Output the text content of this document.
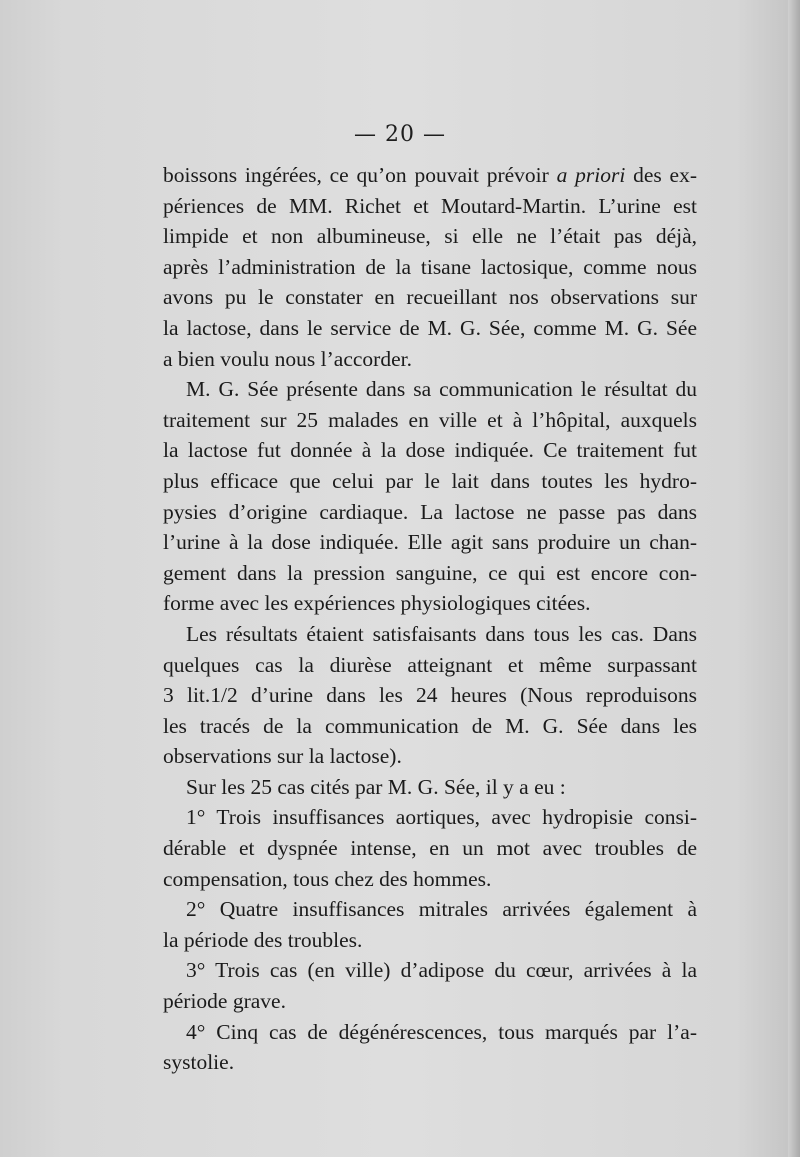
— 20 —
boissons ingérées, ce qu’on pouvait prévoir a priori des ex-
périences de MM. Richet et Moutard-Martin. L’urine est
limpide et non albumineuse, si elle ne l’était pas déjà,
après l’administration de la tisane lactosique, comme nous
avons pu le constater en recueillant nos observations sur
la lactose, dans le service de M. G. Sée, comme M. G. Sée
a bien voulu nous l’accorder.
M. G. Sée présente dans sa communication le résultat du
traitement sur 25 malades en ville et à l’hôpital, auxquels
la lactose fut donnée à la dose indiquée. Ce traitement fut
plus efficace que celui par le lait dans toutes les hydro-
pysies d’origine cardiaque. La lactose ne passe pas dans
l’urine à la dose indiquée. Elle agit sans produire un chan-
gement dans la pression sanguine, ce qui est encore con-
forme avec les expériences physiologiques citées.
Les résultats étaient satisfaisants dans tous les cas. Dans
quelques cas la diurèse atteignant et même surpassant
3 lit.1/2 d’urine dans les 24 heures (Nous reproduisons
les tracés de la communication de M. G. Sée dans les
observations sur la lactose).
Sur les 25 cas cités par M. G. Sée, il y a eu :
1° Trois insuffisances aortiques, avec hydropisie consi-
dérable et dyspnée intense, en un mot avec troubles de
compensation, tous chez des hommes.
2° Quatre insuffisances mitrales arrivées également à
la période des troubles.
3° Trois cas (en ville) d’adipose du cœur, arrivées à la
période grave.
4° Cinq cas de dégénérescences, tous marqués par l’a-
systolie.
